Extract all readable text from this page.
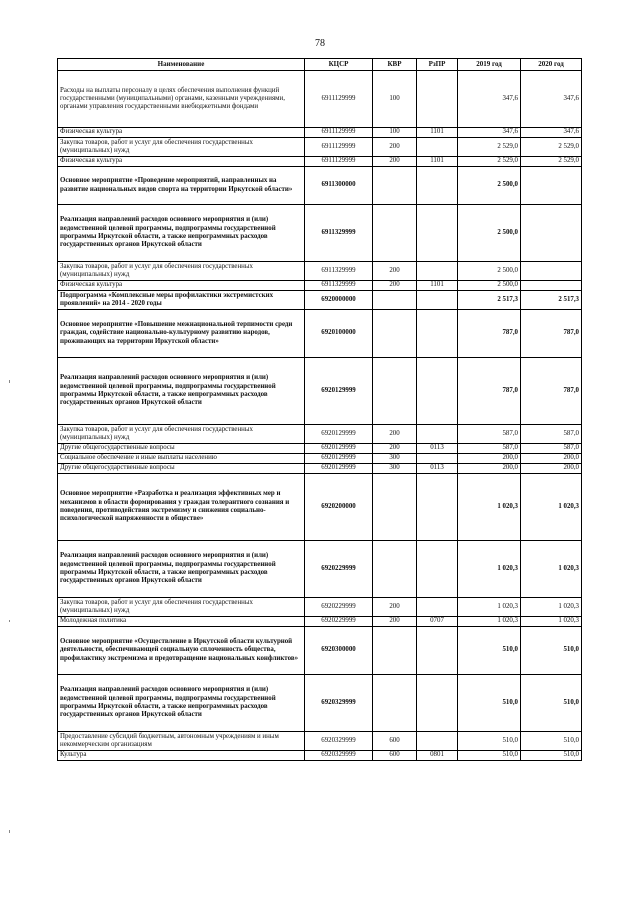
78
Наименование	КЦСР	КВР	РзПР	2019 год	2020 год
Расходы на выплаты персоналу в целях обеспечения выполнения функций государственными (муниципальными) органами, казенными учреждениями, органами управления государственными внебюджетными фондами	6911129999	100		347,6	347,6
Физическая культура	6911129999	100	1101	347,6	347,6
Закупка товаров, работ и услуг для обеспечения государственных (муниципальных) нужд	6911129999	200		2 529,0	2 529,0
Физическая культура	6911129999	200	1101	2 529,0	2 529,0
Основное мероприятие «Проведение мероприятий, направленных на развитие национальных видов спорта на территории Иркутской области»	6911300000			2 500,0	
Реализация направлений расходов основного мероприятия и (или) ведомственной целевой программы, подпрограммы государственной программы Иркутской области, а также непрограммных расходов государственных органов Иркутской области	6911329999			2 500,0	
Закупка товаров, работ и услуг для обеспечения государственных (муниципальных) нужд	6911329999	200		2 500,0	
Физическая культура	6911329999	200	1101	2 500,0	
Подпрограмма «Комплексные меры профилактики экстремистских проявлений» на 2014 - 2020 годы	6920000000			2 517,3	2 517,3
Основное мероприятие «Повышение межнациональной терпимости среди граждан, содействие национально-культурному развитию народов, проживающих на территории Иркутской области»	6920100000			787,0	787,0
Реализация направлений расходов основного мероприятия и (или) ведомственной целевой программы, подпрограммы государственной программы Иркутской области, а также непрограммных расходов государственных органов Иркутской области	6920129999			787,0	787,0
Закупка товаров, работ и услуг для обеспечения государственных (муниципальных) нужд	6920129999	200		587,0	587,0
Другие общегосударственные вопросы	6920129999	200	0113	587,0	587,0
Социальное обеспечение и иные выплаты населению	6920129999	300		200,0	200,0
Другие общегосударственные вопросы	6920129999	300	0113	200,0	200,0
Основное мероприятие «Разработка и реализация эффективных мер и механизмов в области формирования у граждан толерантного сознания и поведения, противодействия экстремизму и снижения социально-психологической напряженности в обществе»	6920200000			1 020,3	1 020,3
Реализация направлений расходов основного мероприятия и (или) ведомственной целевой программы, подпрограммы государственной программы Иркутской области, а также непрограммных расходов государственных органов Иркутской области	6920229999			1 020,3	1 020,3
Закупка товаров, работ и услуг для обеспечения государственных (муниципальных) нужд	6920229999	200		1 020,3	1 020,3
Молодежная политика	6920229999	200	0707	1 020,3	1 020,3
Основное мероприятие «Осуществление в Иркутской области культурной деятельности, обеспечивающей социальную сплоченность общества, профилактику экстремизма и предотвращение национальных конфликтов»	6920300000			510,0	510,0
Реализация направлений расходов основного мероприятия и (или) ведомственной целевой программы, подпрограммы государственной программы Иркутской области, а также непрограммных расходов государственных органов Иркутской области	6920329999			510,0	510,0
Предоставление субсидий бюджетным, автономным учреждениям и иным некоммерческим организациям	6920329999	600		510,0	510,0
Культура	6920329999	600	0801	510,0	510,0
